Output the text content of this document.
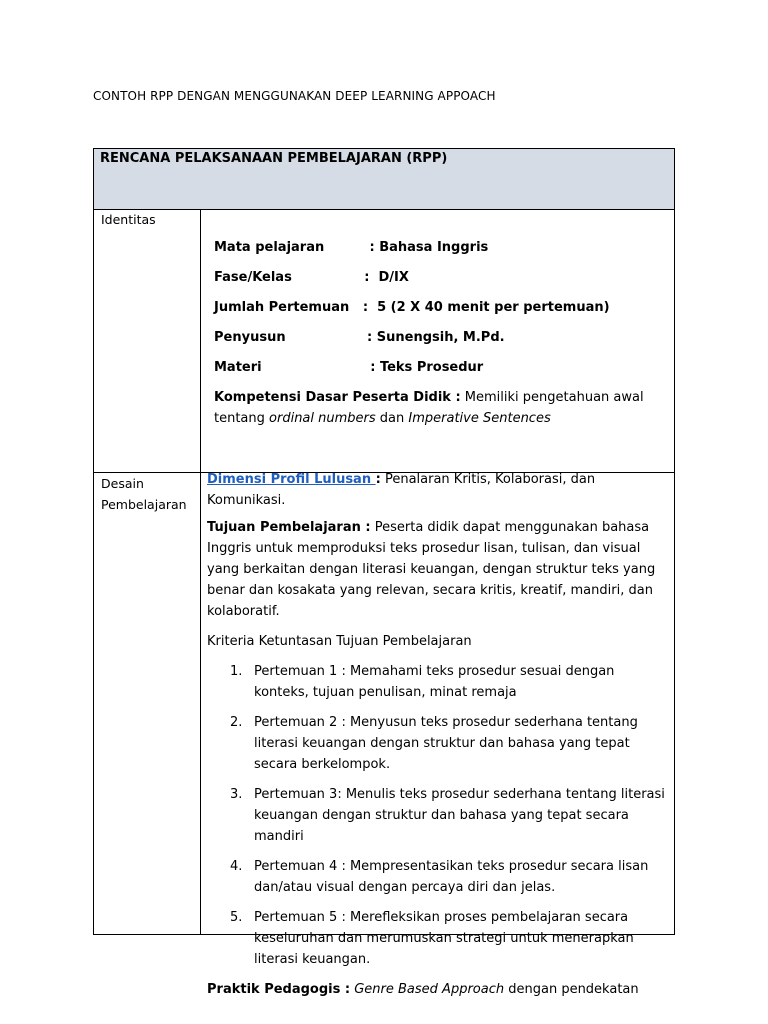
CONTOH RPP DENGAN MENGGUNAKAN DEEP LEARNING APPOACH
RENCANA PELAKSANAAN PEMBELAJARAN (RPP)
Identitas
Mata pelajaran          : Bahasa Inggris
Fase/Kelas                :  D/IX
Jumlah Pertemuan   :  5 (2 X 40 menit per pertemuan)
Penyusun                  : Sunengsih, M.Pd.
Materi                        : Teks Prosedur
Kompetensi Dasar Peserta Didik : Memiliki pengetahuan awal tentang ordinal numbers dan Imperative Sentences
Desain Pembelajaran

Dimensi Profil Lulusan : Penalaran Kritis, Kolaborasi, dan Komunikasi.

Tujuan Pembelajaran : Peserta didik dapat menggunakan bahasa Inggris untuk memproduksi teks prosedur lisan, tulisan, dan visual yang berkaitan dengan literasi keuangan, dengan struktur teks yang benar dan kosakata yang relevan, secara kritis, kreatif, mandiri, dan kolaboratif.

Kriteria Ketuntasan Tujuan Pembelajaran

1. Pertemuan 1 : Memahami teks prosedur sesuai dengan konteks, tujuan penulisan, minat remaja
2. Pertemuan 2 : Menyusun teks prosedur sederhana tentang literasi keuangan dengan struktur dan bahasa yang tepat secara berkelompok.
3. Pertemuan 3: Menulis teks prosedur sederhana tentang literasi keuangan dengan struktur dan bahasa yang tepat secara mandiri
4. Pertemuan 4 : Mempresentasikan teks prosedur secara lisan dan/atau visual dengan percaya diri dan jelas.
5. Pertemuan 5 : Merefleksikan proses pembelajaran secara keseluruhan dan merumuskan strategi untuk menerapkan literasi keuangan.

Praktik Pedagogis : Genre Based Approach dengan pendekatan
